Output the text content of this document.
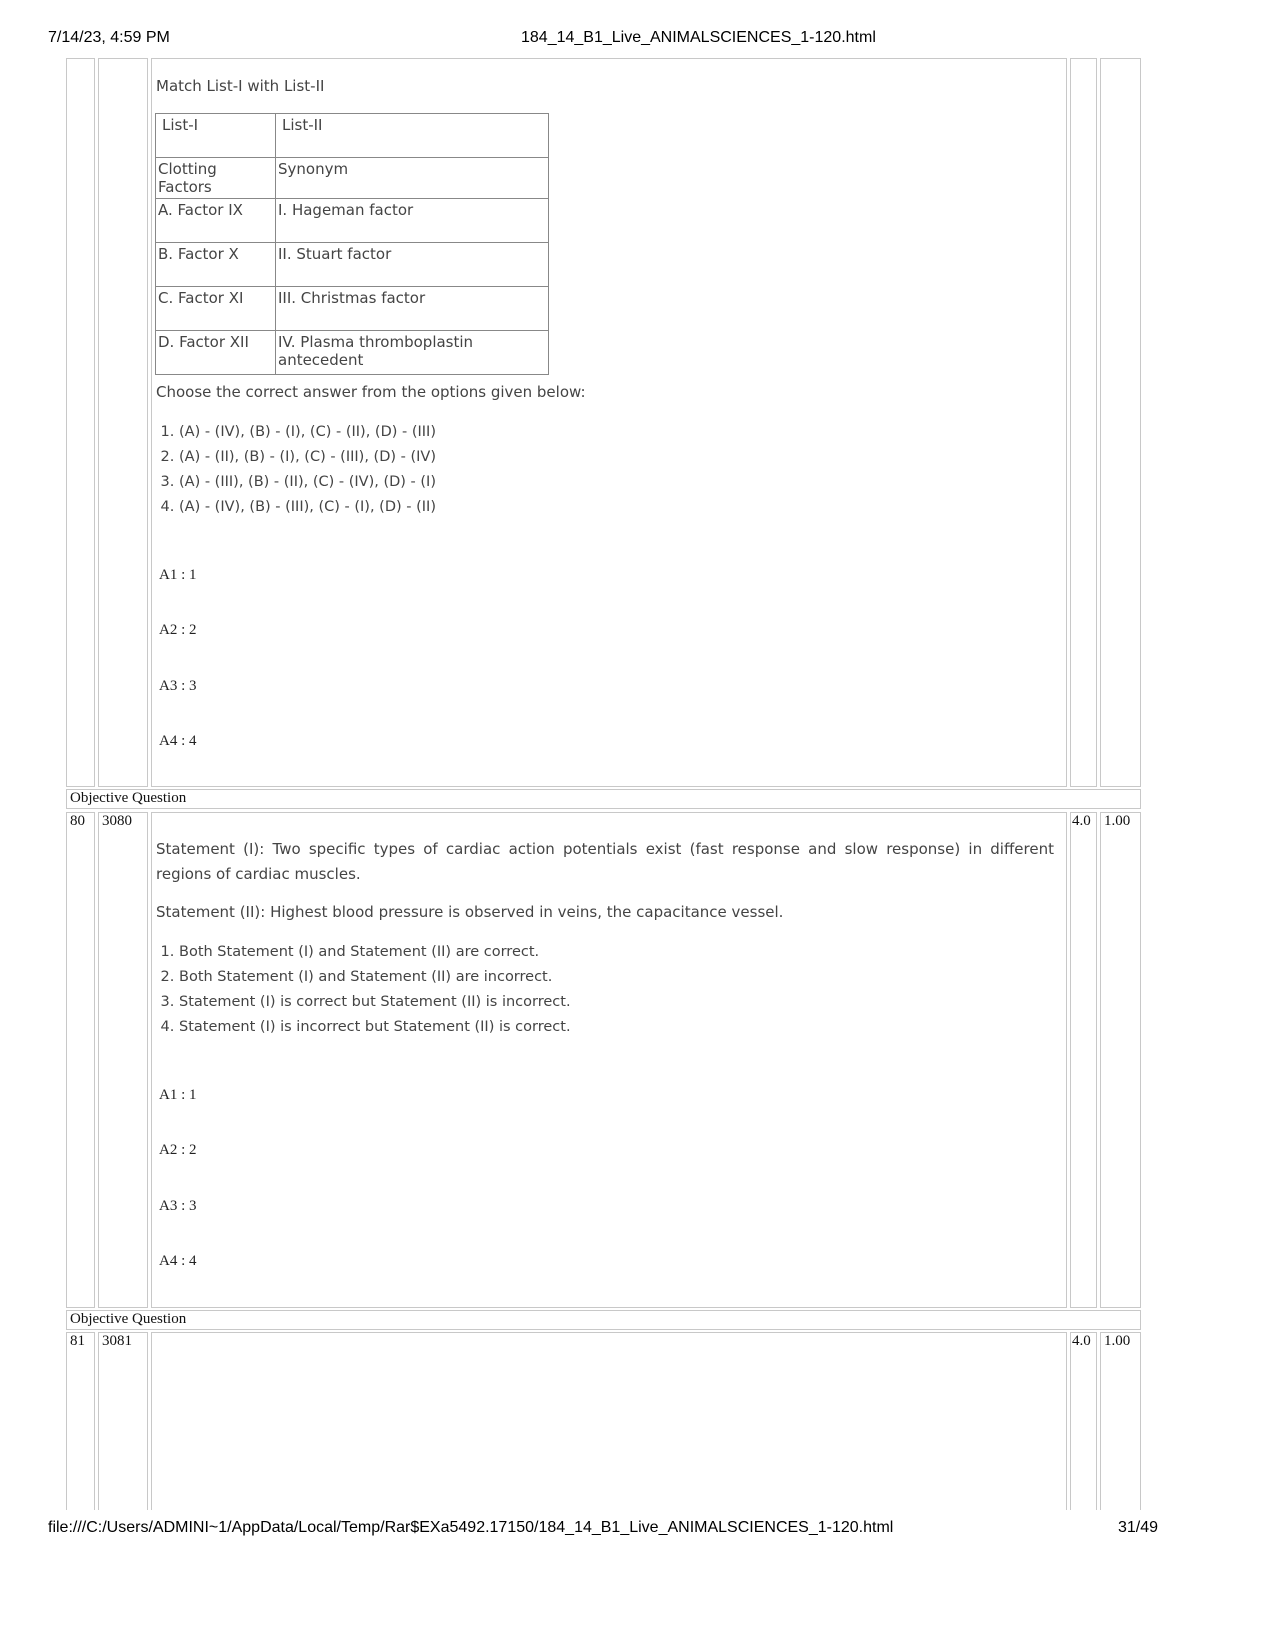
7/14/23, 4:59 PM	184_14_B1_Live_ANIMALSCIENCES_1-120.html
Match List-I with List-II
List-I	List-II
Clotting Factors	Synonym
A. Factor IX	I. Hageman factor
B. Factor X	II. Stuart factor
C. Factor XI	III. Christmas factor
D. Factor XII	IV. Plasma thromboplastin antecedent
Choose the correct answer from the options given below:
1. (A) - (IV), (B) - (I), (C) - (II), (D) - (III)
2. (A) - (II), (B) - (I), (C) - (III), (D) - (IV)
3. (A) - (III), (B) - (II), (C) - (IV), (D) - (I)
4. (A) - (IV), (B) - (III), (C) - (I), (D) - (II)
A1 : 1
A2 : 2
A3 : 3
A4 : 4
Objective Question
80 3080	4.0 1.00
Statement (I): Two specific types of cardiac action potentials exist (fast response and slow response) in different regions of cardiac muscles.
Statement (II): Highest blood pressure is observed in veins, the capacitance vessel.
1. Both Statement (I) and Statement (II) are correct.
2. Both Statement (I) and Statement (II) are incorrect.
3. Statement (I) is correct but Statement (II) is incorrect.
4. Statement (I) is incorrect but Statement (II) is correct.
A1 : 1
A2 : 2
A3 : 3
A4 : 4
Objective Question
81 3081	4.0 1.00
file:///C:/Users/ADMINI~1/AppData/Local/Temp/Rar$EXa5492.17150/184_14_B1_Live_ANIMALSCIENCES_1-120.html	31/49
